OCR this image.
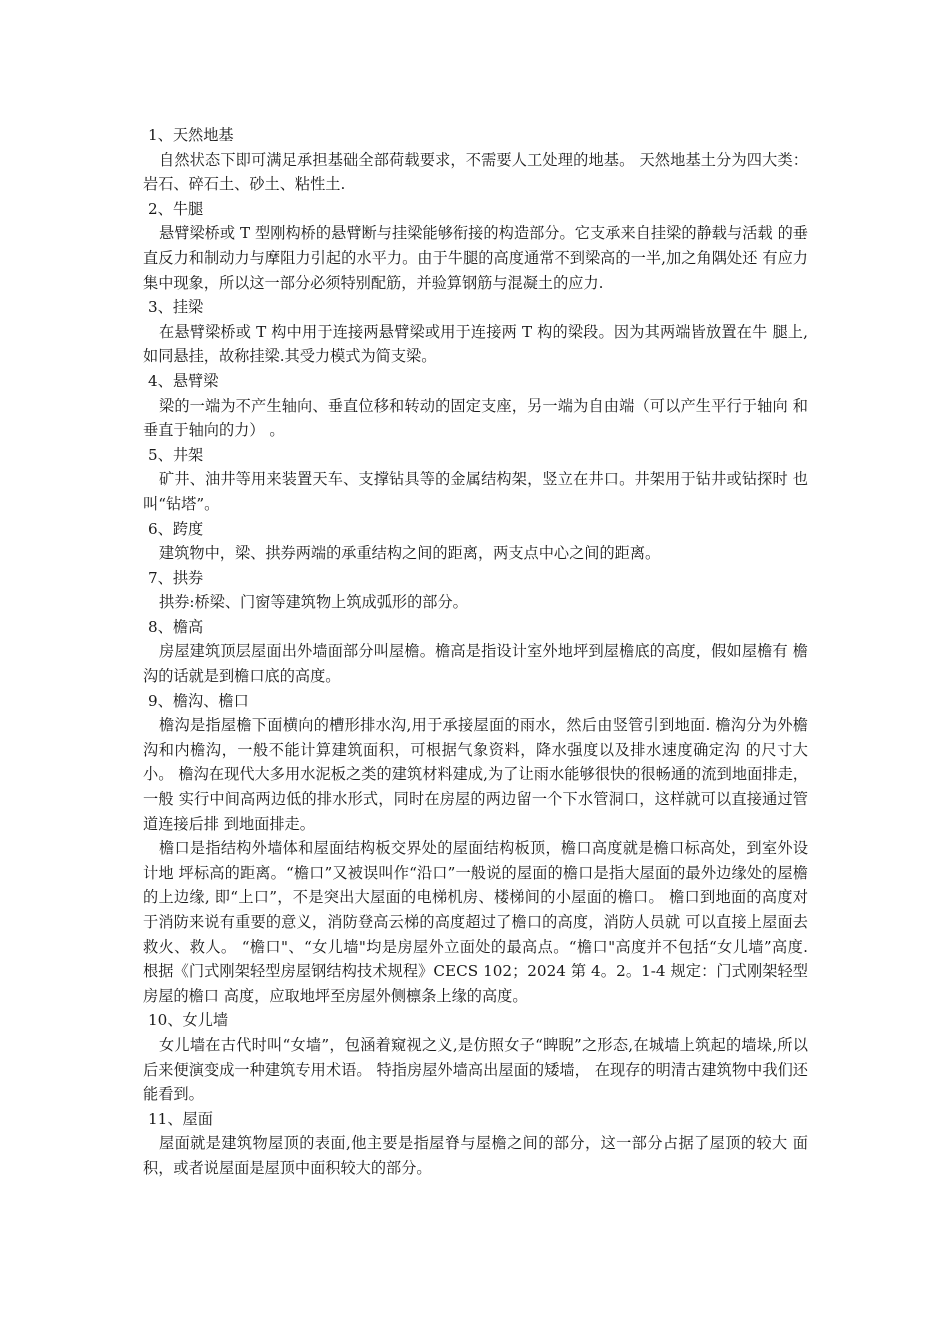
1、天然地基

自然状态下即可满足承担基础全部荷载要求，不需要人工处理的地基。 天然地基土分为四大类：岩石、碎石土、砂土、粘性土.

2、牛腿

悬臂梁桥或 T 型刚构桥的悬臂断与挂梁能够衔接的构造部分。它支承来自挂梁的静载与活载 的垂直反力和制动力与摩阻力引起的水平力。由于牛腿的高度通常不到梁高的一半,加之角隅处还 有应力集中现象，所以这一部分必须特别配筋，并验算钢筋与混凝土的应力.

3、挂梁

在悬臂梁桥或 T 构中用于连接两悬臂梁或用于连接两 T 构的梁段。因为其两端皆放置在牛 腿上,如同悬挂，故称挂梁.其受力模式为简支梁。

4、悬臂梁

梁的一端为不产生轴向、垂直位移和转动的固定支座，另一端为自由端（可以产生平行于轴向 和垂直于轴向的力） 。

5、井架

矿井、油井等用来装置天车、支撑钻具等的金属结构架，竖立在井口。井架用于钻井或钻探时 也叫“钻塔”。

6、跨度

建筑物中，梁、拱券两端的承重结构之间的距离，两支点中心之间的距离。

7、拱券

拱券:桥梁、门窗等建筑物上筑成弧形的部分。

8、檐高

房屋建筑顶层屋面出外墙面部分叫屋檐。檐高是指设计室外地坪到屋檐底的高度，假如屋檐有 檐沟的话就是到檐口底的高度。

9、檐沟、檐口

檐沟是指屋檐下面横向的槽形排水沟,用于承接屋面的雨水，然后由竖管引到地面. 檐沟分为外檐沟和内檐沟，一般不能计算建筑面积，可根据气象资料，降水强度以及排水速度确定沟 的尺寸大小。 檐沟在现代大多用水泥板之类的建筑材料建成,为了让雨水能够很快的很畅通的流到地面排走，一般 实行中间高两边低的排水形式，同时在房屋的两边留一个下水管洞口，这样就可以直接通过管道连接后排 到地面排走。

檐口是指结构外墙体和屋面结构板交界处的屋面结构板顶，檐口高度就是檐口标高处，到室外设计地 坪标高的距离。“檐口”又被误叫作“沿口”一般说的屋面的檐口是指大屋面的最外边缘处的屋檐的上边缘, 即“上口”，不是突出大屋面的电梯机房、楼梯间的小屋面的檐口。 檐口到地面的高度对于消防来说有重要的意义，消防登高云梯的高度超过了檐口的高度，消防人员就 可以直接上屋面去救火、救人。 “檐口"、“女儿墙"均是房屋外立面处的最高点。“檐口"高度并不包括“女儿墙”高度. 根据《门式刚架轻型房屋钢结构技术规程》CECS 102；2024 第 4。2。1-4 规定：门式刚架轻型房屋的檐口 高度，应取地坪至房屋外侧檩条上缘的高度。

10、女儿墙

女儿墙在古代时叫“女墙”，包涵着窥视之义,是仿照女子“睥睨”之形态,在城墙上筑起的墙垛,所以 后来便演变成一种建筑专用术语。 特指房屋外墙高出屋面的矮墙， 在现存的明清古建筑物中我们还能看到。

11、屋面

屋面就是建筑物屋顶的表面,他主要是指屋脊与屋檐之间的部分，这一部分占据了屋顶的较大 面积，或者说屋面是屋顶中面积较大的部分。
